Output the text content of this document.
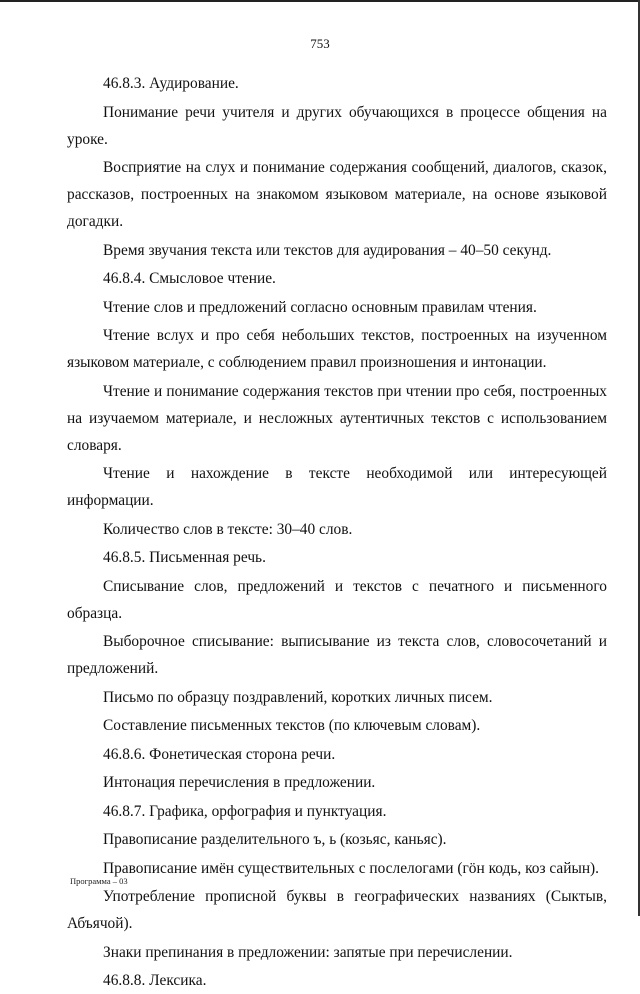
753

46.8.3. Аудирование.

Понимание речи учителя и других обучающихся в процессе общения на уроке.

Восприятие на слух и понимание содержания сообщений, диалогов, сказок, рассказов, построенных на знакомом языковом материале, на основе языковой догадки.

Время звучания текста или текстов для аудирования – 40–50 секунд.

46.8.4. Смысловое чтение.

Чтение слов и предложений согласно основным правилам чтения.

Чтение вслух и про себя небольших текстов, построенных на изученном языковом материале, с соблюдением правил произношения и интонации.

Чтение и понимание содержания текстов при чтении про себя, построенных на изучаемом материале, и несложных аутентичных текстов с использованием словаря.

Чтение и нахождение в тексте необходимой или интересующей информации.

Количество слов в тексте: 30–40 слов.

46.8.5. Письменная речь.

Списывание слов, предложений и текстов с печатного и письменного образца.

Выборочное списывание: выписывание из текста слов, словосочетаний и предложений.

Письмо по образцу поздравлений, коротких личных писем.

Составление письменных текстов (по ключевым словам).

46.8.6. Фонетическая сторона речи.

Интонация перечисления в предложении.

46.8.7. Графика, орфография и пунктуация.

Правописание разделительного ъ, ь (козьяс, каньяс).

Правописание имён существительных с послелогами (гöн кодь, коз сайын).

Употребление прописной буквы в географических названиях (Сыктыв, Абъячой).

Знаки препинания в предложении: запятые при перечислении.

46.8.8. Лексика.

Программа – 03
